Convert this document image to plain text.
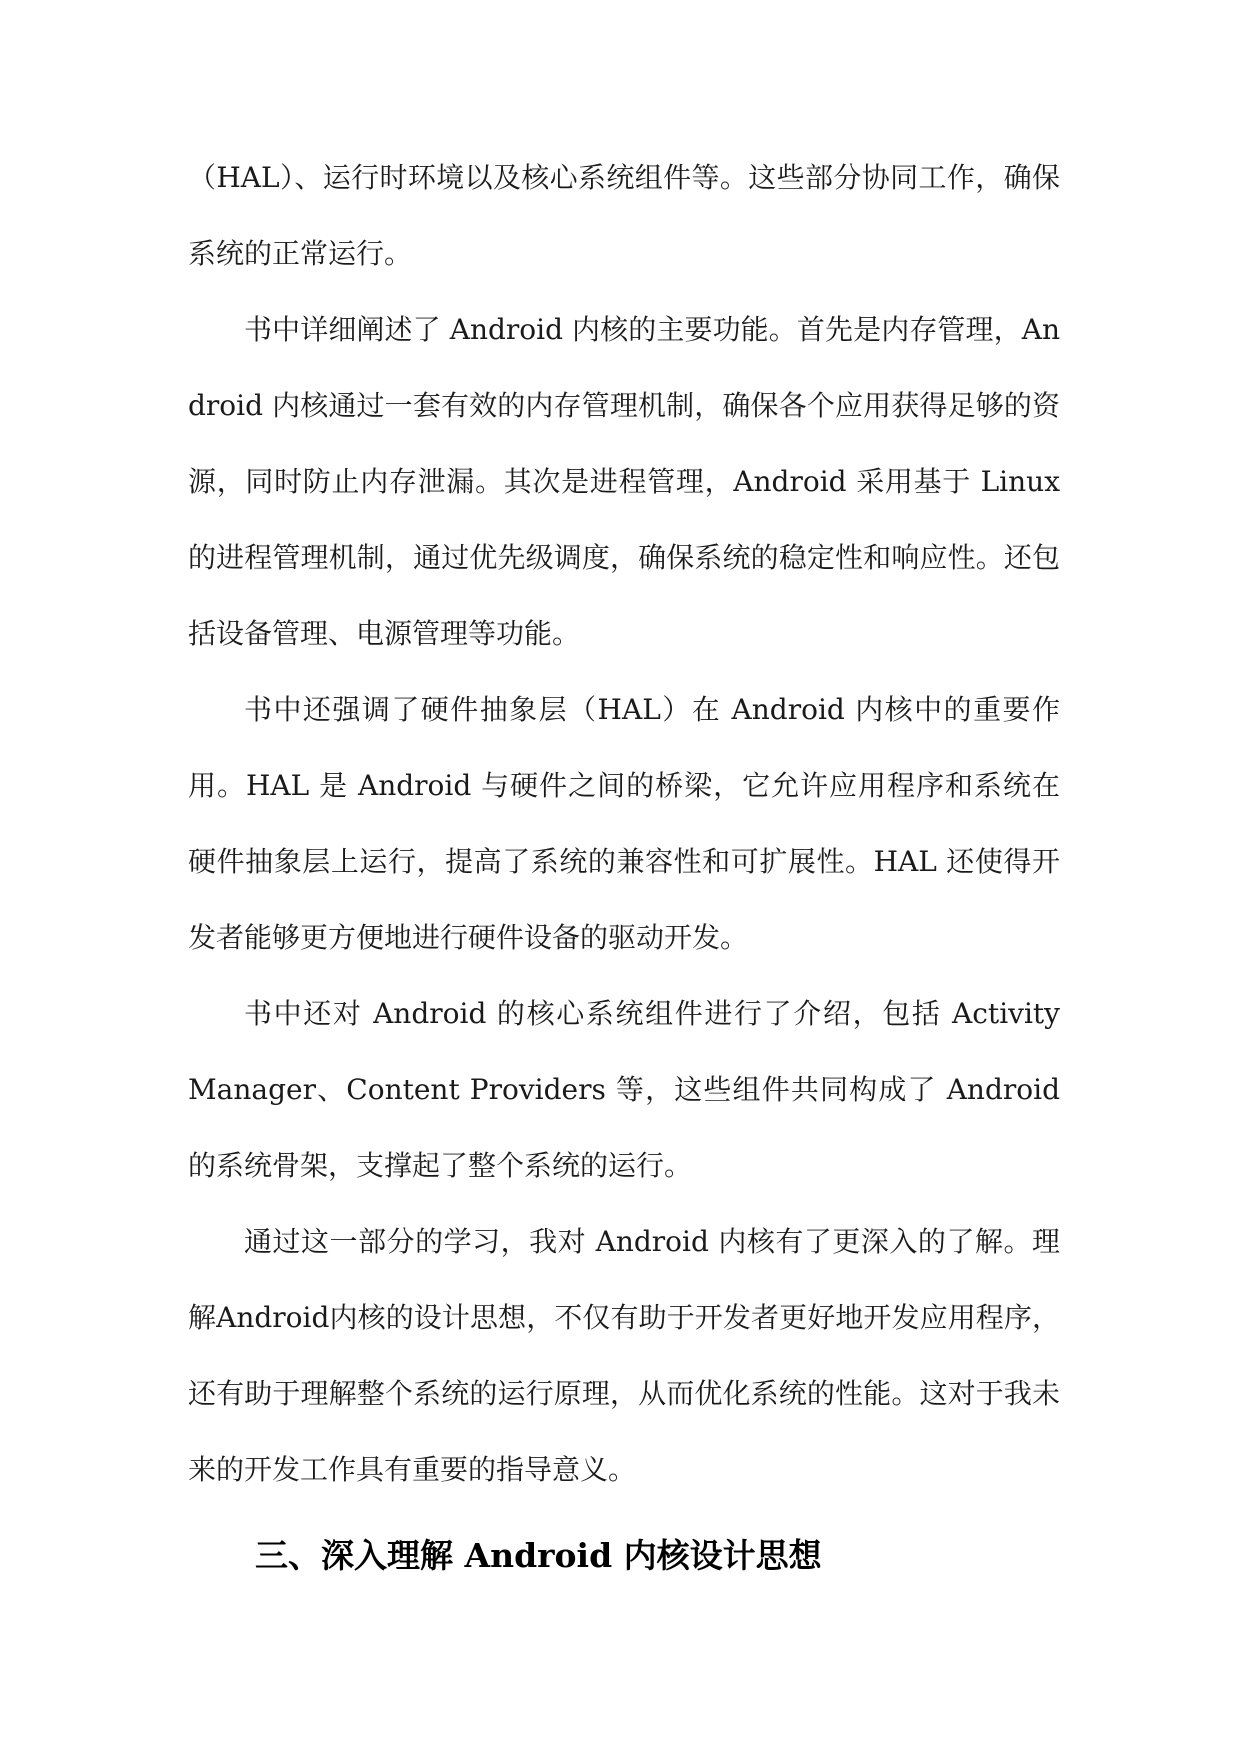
（HAL）、运行时环境以及核心系统组件等。这些部分协同工作，确保系统的正常运行。

书中详细阐述了 Android 内核的主要功能。首先是内存管理，Android 内核通过一套有效的内存管理机制，确保各个应用获得足够的资源，同时防止内存泄漏。其次是进程管理，Android 采用基于 Linux 的进程管理机制，通过优先级调度，确保系统的稳定性和响应性。还包括设备管理、电源管理等功能。

书中还强调了硬件抽象层（HAL）在 Android 内核中的重要作用。HAL 是 Android 与硬件之间的桥梁，它允许应用程序和系统在硬件抽象层上运行，提高了系统的兼容性和可扩展性。HAL 还使得开发者能够更方便地进行硬件设备的驱动开发。

书中还对 Android 的核心系统组件进行了介绍，包括 Activity Manager、Content Providers 等，这些组件共同构成了 Android 的系统骨架，支撑起了整个系统的运行。

通过这一部分的学习，我对 Android 内核有了更深入的了解。理解Android内核的设计思想，不仅有助于开发者更好地开发应用程序，还有助于理解整个系统的运行原理，从而优化系统的性能。这对于我未来的开发工作具有重要的指导意义。

三、深入理解 Android 内核设计思想
